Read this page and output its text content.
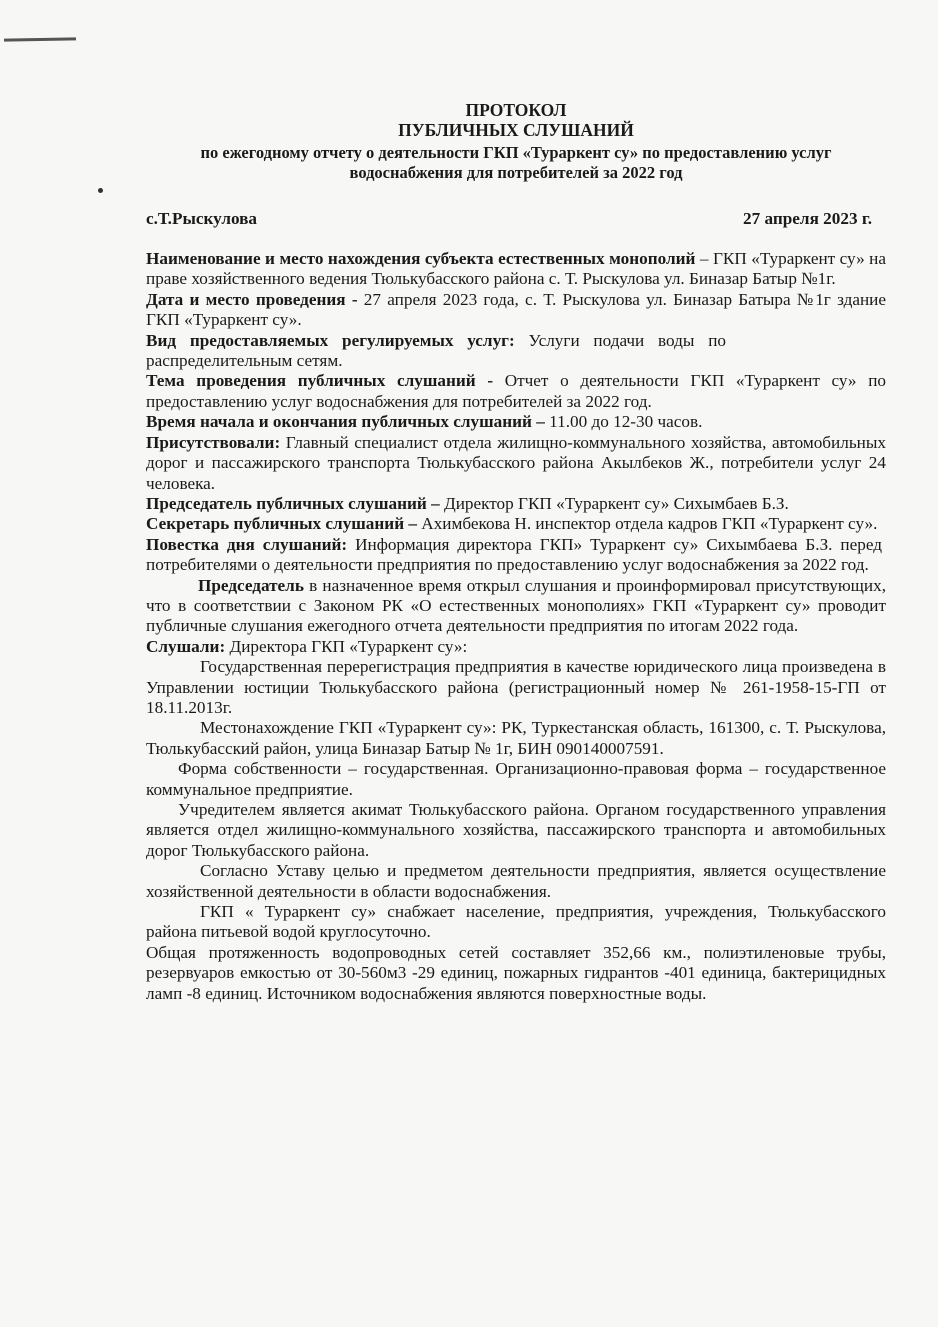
ПРОТОКОЛ
ПУБЛИЧНЫХ СЛУШАНИЙ
по ежегодному отчету о деятельности ГКП «Тураркент су» по предоставлению услуг водоснабжения для потребителей за 2022 год
с.Т.Рыскулова	27 апреля 2023 г.

Наименование и место нахождения субъекта естественных монополий – ГКП «Тураркент су» на праве хозяйственного ведения Тюлькубасского района с. Т. Рыскулова ул. Биназар Батыр №1г.

Дата и место проведения - 27 апреля 2023 года, с. Т. Рыскулова ул. Биназар Батыра №1г здание ГКП «Тураркент су».

Вид предоставляемых регулируемых услуг: Услуги подачи воды по распределительным сетям.

Тема проведения публичных слушаний - Отчет о деятельности ГКП «Тураркент су» по предоставлению услуг водоснабжения для потребителей за 2022 год.

Время начала и окончания публичных слушаний – 11.00 до 12-30 часов.

Присутствовали: Главный специалист отдела жилищно-коммунального хозяйства, автомобильных дорог и пассажирского транспорта Тюлькубасского района Акылбеков Ж., потребители услуг 24 человека.

Председатель публичных слушаний – Директор ГКП «Тураркент су» Сихымбаев Б.З.

Секретарь публичных слушаний – Ахимбекова Н. инспектор отдела кадров ГКП «Тураркент су».

Повестка дня слушаний: Информация директора ГКП» Тураркент су» Сихымбаева Б.З. перед потребителями о деятельности предприятия по предоставлению услуг водоснабжения за 2022 год.

Председатель в назначенное время открыл слушания и проинформировал присутствующих, что в соответствии с Законом РК «О естественных монополиях» ГКП «Тураркент су» проводит публичные слушания ежегодного отчета деятельности предприятия по итогам 2022 года.

Слушали: Директора ГКП «Тураркент су»:

Государственная перерегистрация предприятия в качестве юридического лица произведена в Управлении юстиции Тюлькубасского района (регистрационный номер № 261-1958-15-ГП от 18.11.2013г.

Местонахождение ГКП «Тураркент су»: РК, Туркестанская область, 161300, с. Т. Рыскулова, Тюлькубасский район, улица Биназар Батыр № 1г, БИН 090140007591.

Форма собственности – государственная. Организационно-правовая форма – государственное коммунальное предприятие.

Учредителем является акимат Тюлькубасского района. Органом государственного управления является отдел жилищно-коммунального хозяйства, пассажирского транспорта и автомобильных дорог Тюлькубасского района.

Согласно Уставу целью и предметом деятельности предприятия, является осуществление хозяйственной деятельности в области водоснабжения.

ГКП « Тураркент су» снабжает население, предприятия, учреждения, Тюлькубасского района питьевой водой круглосуточно.

Общая протяженность водопроводных сетей составляет 352,66 км., полиэтиленовые трубы, резервуаров емкостью от 30-560м3 -29 единиц, пожарных гидрантов -401 единица, бактерицидных ламп -8 единиц. Источником водоснабжения являются поверхностные воды.
